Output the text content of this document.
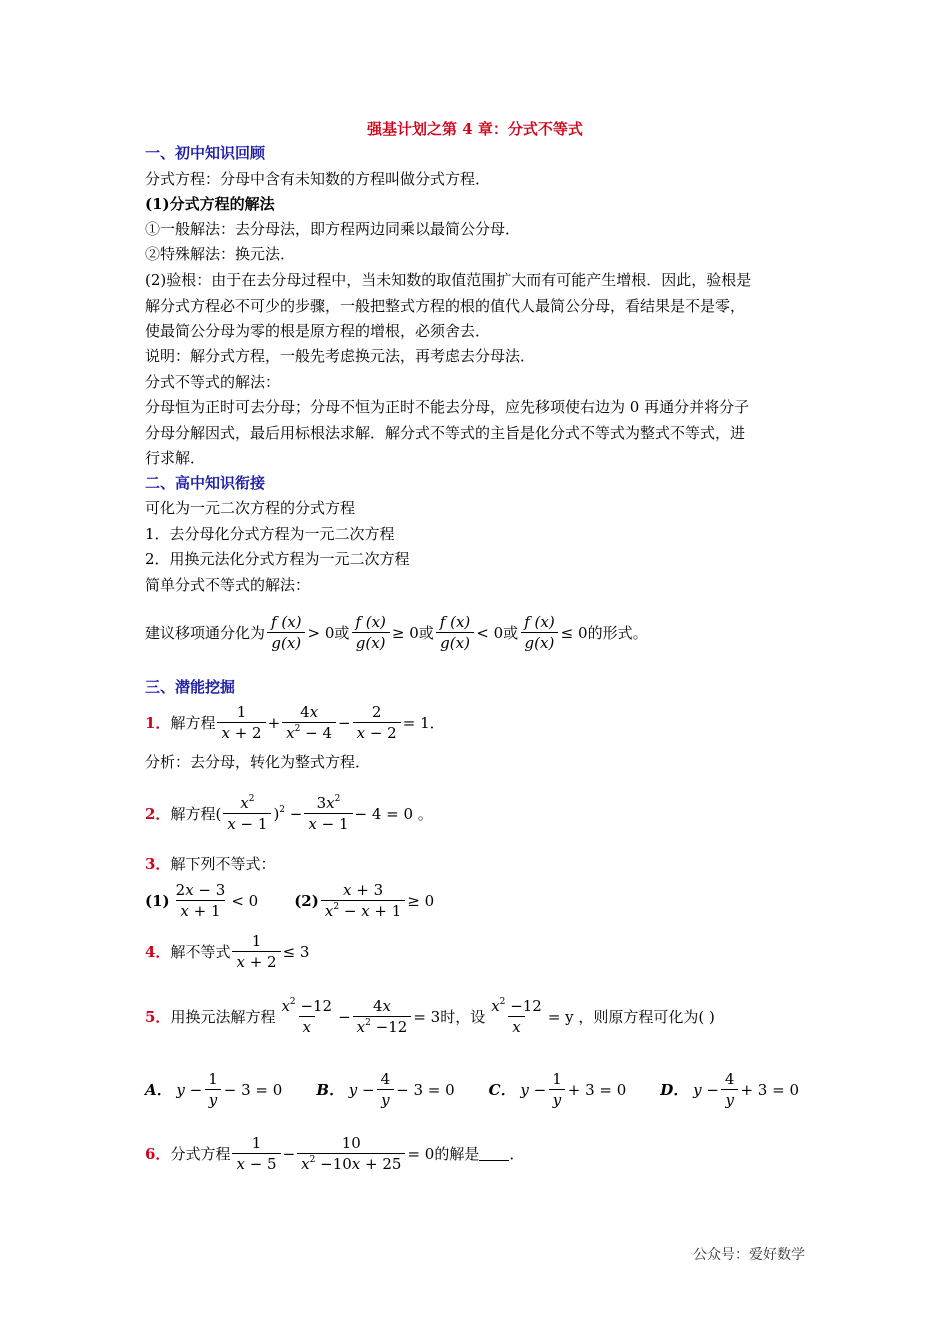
强基计划之第 4 章：分式不等式
一、初中知识回顾
分式方程：分母中含有未知数的方程叫做分式方程．
(1)分式方程的解法
①一般解法：去分母法，即方程两边同乘以最简公分母．
②特殊解法：换元法．
(2)验根：由于在去分母过程中，当未知数的取值范围扩大而有可能产生增根．因此，验根是
解分式方程必不可少的步骤，一般把整式方程的根的值代人最简公分母，看结果是不是零，
使最简公分母为零的根是原方程的增根，必须舍去．
说明：解分式方程，一般先考虑换元法，再考虑去分母法．
分式不等式的解法：
分母恒为正时可去分母；分母不恒为正时不能去分母，应先移项使右边为 0 再通分并将分子
分母分解因式，最后用标根法求解．解分式不等式的主旨是化分式不等式为整式不等式，进
行求解．
二、高中知识衔接
可化为一元二次方程的分式方程
1．去分母化分式方程为一元二次方程
2．用换元法化分式方程为一元二次方程
简单分式不等式的解法：
建议移项通分化为 $\frac{f (x)}{g(x)} > 0$ 或 $\frac{f (x)}{g(x)} \ge 0$ 或 $\frac{f (x)}{g(x)} < 0$ 或 $\frac{f (x)}{g(x)} \le 0$ 的形式。
三、潜能挖掘
1． 解方程 $\frac{1}{x + 2} + \frac{4x}{x^2 - 4} - \frac{2}{x - 2} = 1$．
分析：去分母，转化为整式方程．
2． 解方程 ( $\frac{x^2}{x - 1} )^2 - \frac{3x^2}{x - 1} - 4 = 0$ 。
3．解下列不等式：
$(1) \frac{2x - 3}{x + 1} < 0$ $(2) \frac{x + 3}{x^2 - x + 1} \ge 0$
4． 解不等式 $\frac{1}{x + 2} \le 3$
5． 用换元法解方程 $\frac{x^2 -12}{x} - \frac{4x}{x^2 -12} = 3$时，设 $\frac{x^2 -12}{x} = y$ ，则原方程可化为( )
A． $y - \frac{1}{y} - 3 = 0$ B． $y - \frac{4}{y} - 3 = 0$ C． $y - \frac{1}{y} + 3 = 0$ D． $y - \frac{4}{y} + 3 = 0$
6． 分式方程 $\frac{1}{x - 5} - \frac{10}{x^2 -10x + 25} = 0$的解是 ．
公众号：爱好数学
